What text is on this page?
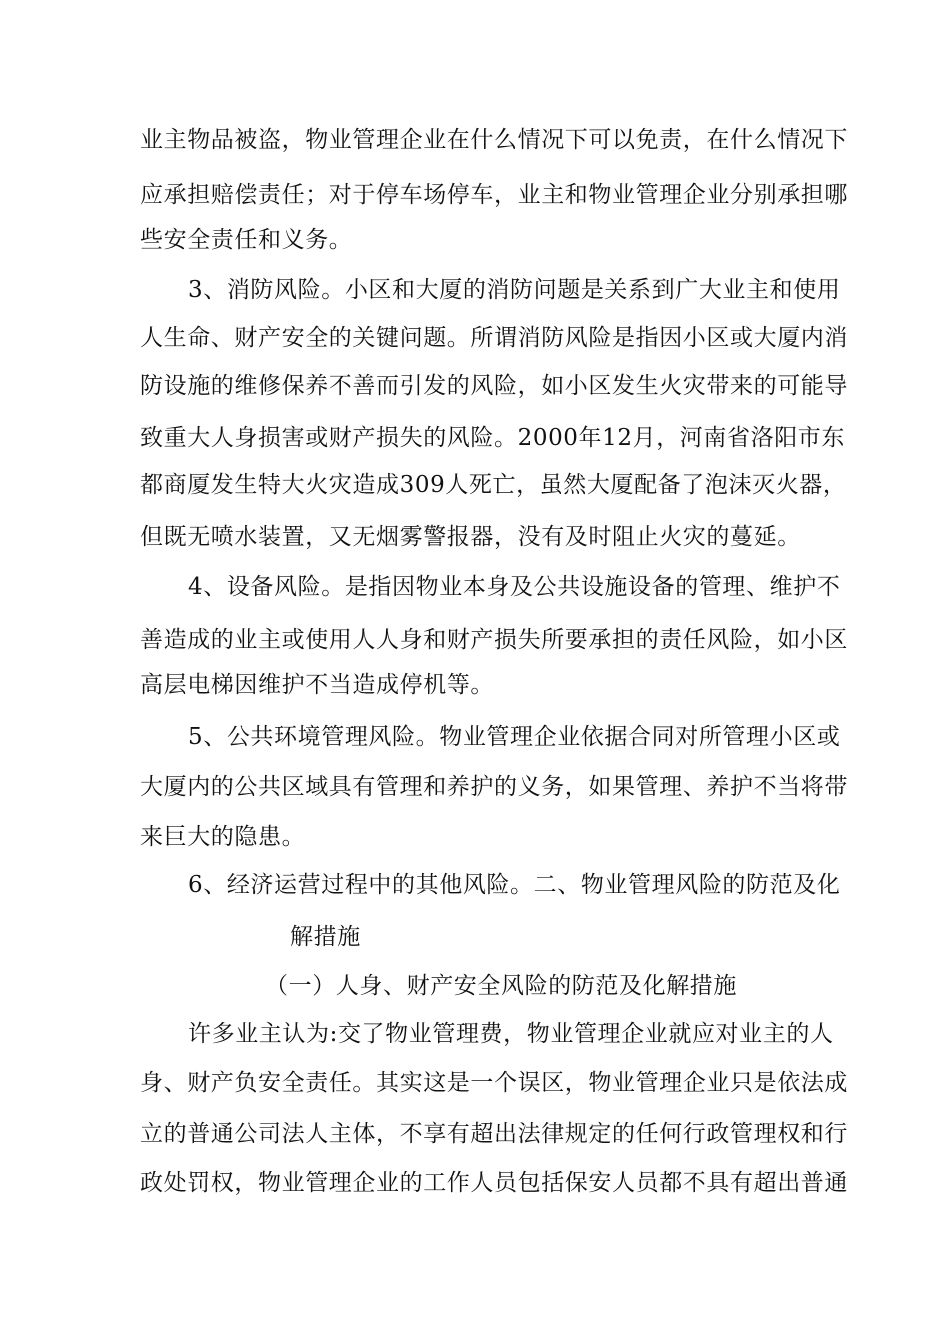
业主物品被盗，物业管理企业在什么情况下可以免责，在什么情况下
应承担赔偿责任；对于停车场停车，业主和物业管理企业分别承担哪
些安全责任和义务。
3、消防风险。小区和大厦的消防问题是关系到广大业主和使用
人生命、财产安全的关键问题。所谓消防风险是指因小区或大厦内消
防设施的维修保养不善而引发的风险，如小区发生火灾带来的可能导
致重大人身损害或财产损失的风险。2000年12月，河南省洛阳市东
都商厦发生特大火灾造成309人死亡，虽然大厦配备了泡沫灭火器，
但既无喷水装置，又无烟雾警报器，没有及时阻止火灾的蔓延。
4、设备风险。是指因物业本身及公共设施设备的管理、维护不
善造成的业主或使用人人身和财产损失所要承担的责任风险，如小区
高层电梯因维护不当造成停机等。
5、公共环境管理风险。物业管理企业依据合同对所管理小区或
大厦内的公共区域具有管理和养护的义务，如果管理、养护不当将带
来巨大的隐患。
6、经济运营过程中的其他风险。二、物业管理风险的防范及化
解措施
（一）人身、财产安全风险的防范及化解措施
许多业主认为:交了物业管理费，物业管理企业就应对业主的人
身、财产负安全责任。其实这是一个误区，物业管理企业只是依法成
立的普通公司法人主体，不享有超出法律规定的任何行政管理权和行
政处罚权，物业管理企业的工作人员包括保安人员都不具有超出普通
